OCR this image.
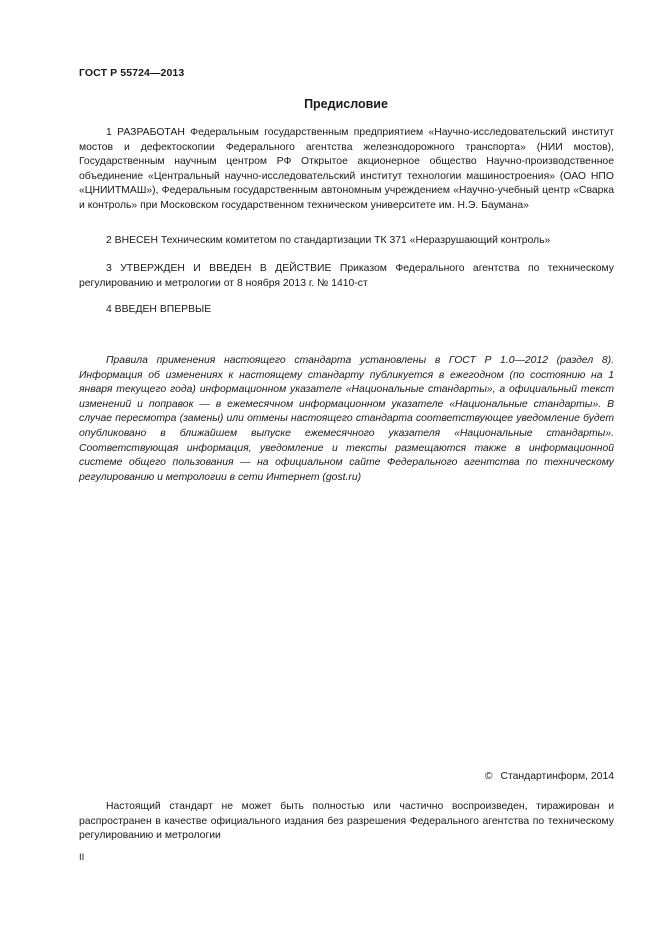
ГОСТ Р 55724—2013
Предисловие

1 РАЗРАБОТАН Федеральным государственным предприятием «Научно-исследовательский институт мостов и дефектоскопии Федерального агентства железнодорожного транспорта» (НИИ мостов), Государственным научным центром РФ Открытое акционерное общество Научно-производственное объединение «Центральный научно-исследовательский институт технологии машиностроения» (ОАО НПО «ЦНИИТМАШ»), Федеральным государственным автономным учреждением «Научно-учебный центр «Сварка и контроль» при Московском государственном техническом университете им. Н.Э. Баумана»

2 ВНЕСЕН Техническим комитетом по стандартизации ТК 371 «Неразрушающий контроль»

3 УТВЕРЖДЕН И ВВЕДЕН В ДЕЙСТВИЕ Приказом Федерального агентства по техническому регулированию и метрологии от 8 ноября 2013 г. № 1410-ст

4 ВВЕДЕН ВПЕРВЫЕ

Правила применения настоящего стандарта установлены в ГОСТ Р 1.0—2012 (раздел 8). Информация об изменениях к настоящему стандарту публикуется в ежегодном (по состоянию на 1 января текущего года) информационном указателе «Национальные стандарты», а официальный текст изменений и поправок — в ежемесячном информационном указателе «Национальные стандарты». В случае пересмотра (замены) или отмены настоящего стандарта соответствующее уведомление будет опубликовано в ближайшем выпуске ежемесячного указателя «Национальные стандарты». Соответствующая информация, уведомление и тексты размещаются также в информационной системе общего пользования — на официальном сайте Федерального агентства по техническому регулированию и метрологии в сети Интернет (gost.ru)

© Стандартинформ, 2014

Настоящий стандарт не может быть полностью или частично воспроизведен, тиражирован и распространен в качестве официального издания без разрешения Федерального агентства по техническому регулированию и метрологии

II
